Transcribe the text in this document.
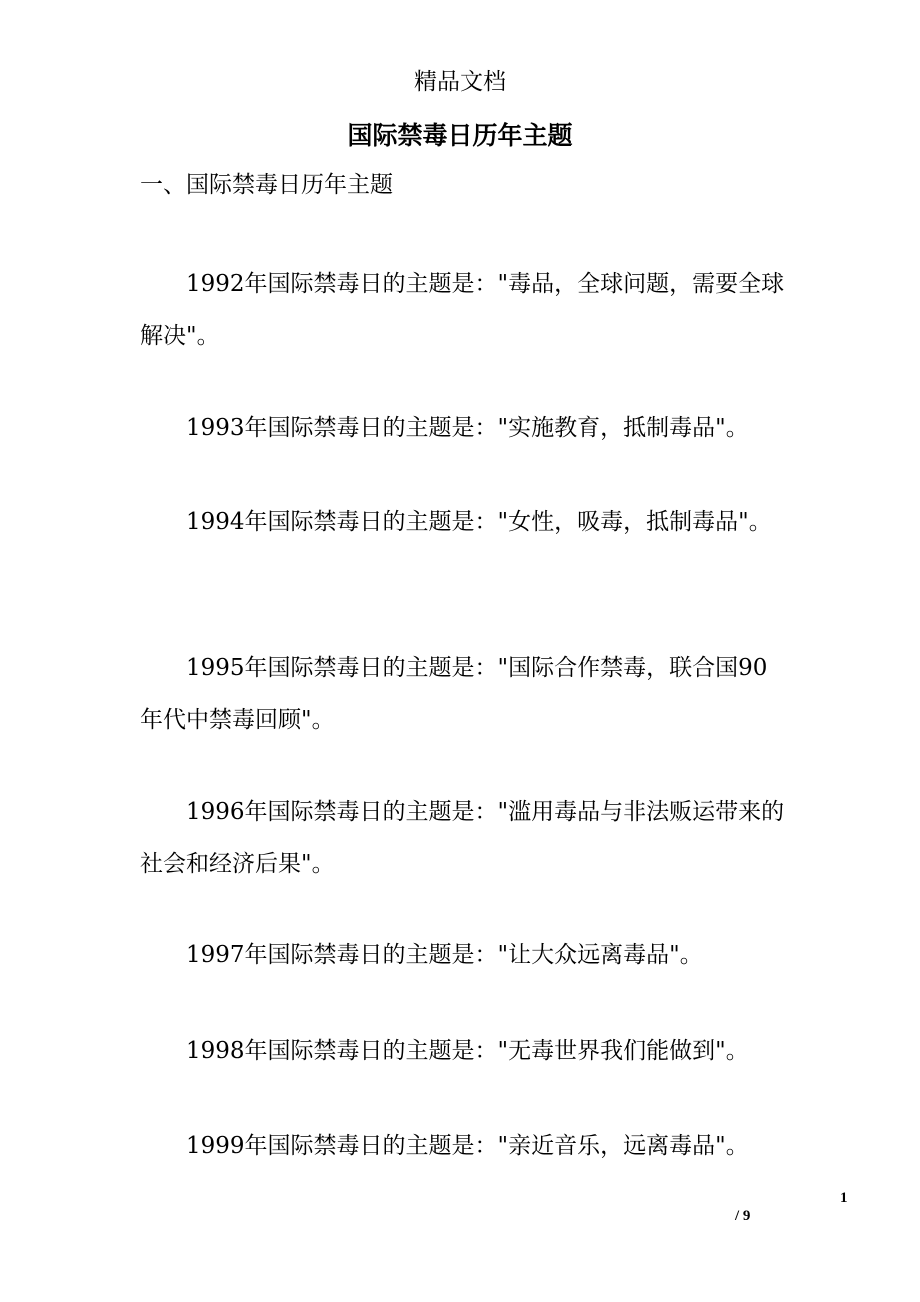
精品文档
国际禁毒日历年主题
一、国际禁毒日历年主题

1992年国际禁毒日的主题是："毒品，全球问题，需要全球解决"。

1993年国际禁毒日的主题是："实施教育，抵制毒品"。

1994年国际禁毒日的主题是："女性，吸毒，抵制毒品"。

1995年国际禁毒日的主题是："国际合作禁毒，联合国90年代中禁毒回顾"。

1996年国际禁毒日的主题是："滥用毒品与非法贩运带来的社会和经济后果"。

1997年国际禁毒日的主题是："让大众远离毒品"。

1998年国际禁毒日的主题是："无毒世界我们能做到"。

1999年国际禁毒日的主题是："亲近音乐，远离毒品"。

1
/ 9
